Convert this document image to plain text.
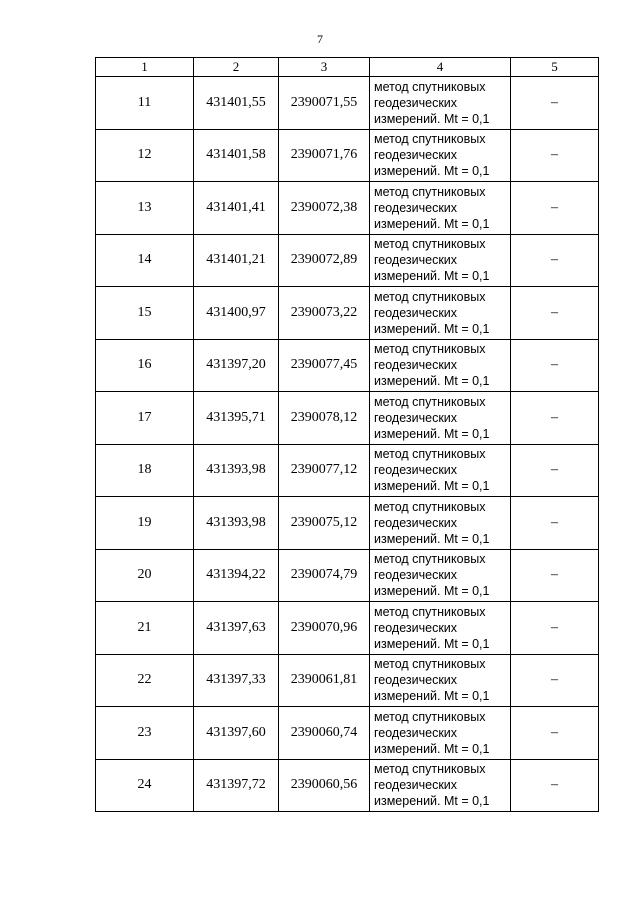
7
1	2	3	4	5
11	431401,55	2390071,55	метод спутниковых
геодезических
измерений. Mt = 0,1	–
12	431401,58	2390071,76	метод спутниковых
геодезических
измерений. Mt = 0,1	–
13	431401,41	2390072,38	метод спутниковых
геодезических
измерений. Mt = 0,1	–
14	431401,21	2390072,89	метод спутниковых
геодезических
измерений. Mt = 0,1	–
15	431400,97	2390073,22	метод спутниковых
геодезических
измерений. Mt = 0,1	–
16	431397,20	2390077,45	метод спутниковых
геодезических
измерений. Mt = 0,1	–
17	431395,71	2390078,12	метод спутниковых
геодезических
измерений. Mt = 0,1	–
18	431393,98	2390077,12	метод спутниковых
геодезических
измерений. Mt = 0,1	–
19	431393,98	2390075,12	метод спутниковых
геодезических
измерений. Mt = 0,1	–
20	431394,22	2390074,79	метод спутниковых
геодезических
измерений. Mt = 0,1	–
21	431397,63	2390070,96	метод спутниковых
геодезических
измерений. Mt = 0,1	–
22	431397,33	2390061,81	метод спутниковых
геодезических
измерений. Mt = 0,1	–
23	431397,60	2390060,74	метод спутниковых
геодезических
измерений. Mt = 0,1	–
24	431397,72	2390060,56	метод спутниковых
геодезических
измерений. Mt = 0,1	–
